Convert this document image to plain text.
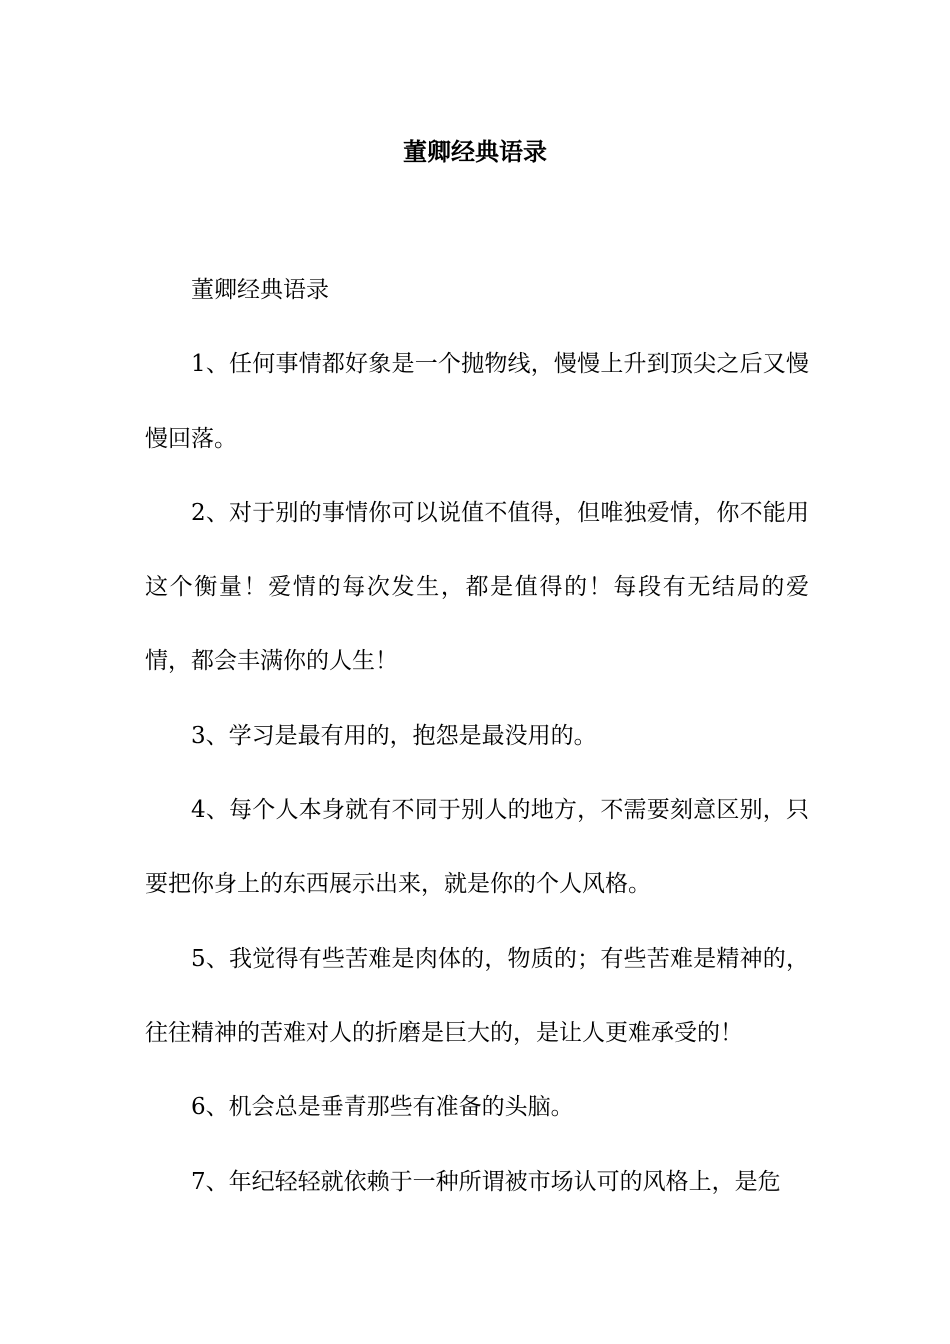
董卿经典语录

董卿经典语录

1、任何事情都好象是一个抛物线，慢慢上升到顶尖之后又慢慢回落。

2、对于别的事情你可以说值不值得，但唯独爱情，你不能用这个衡量！爱情的每次发生，都是值得的！每段有无结局的爱情，都会丰满你的人生！

3、学习是最有用的，抱怨是最没用的。

4、每个人本身就有不同于别人的地方，不需要刻意区别，只要把你身上的东西展示出来，就是你的个人风格。

5、我觉得有些苦难是肉体的，物质的；有些苦难是精神的，往往精神的苦难对人的折磨是巨大的，是让人更难承受的！

6、机会总是垂青那些有准备的头脑。

7、年纪轻轻就依赖于一种所谓被市场认可的风格上，是危
